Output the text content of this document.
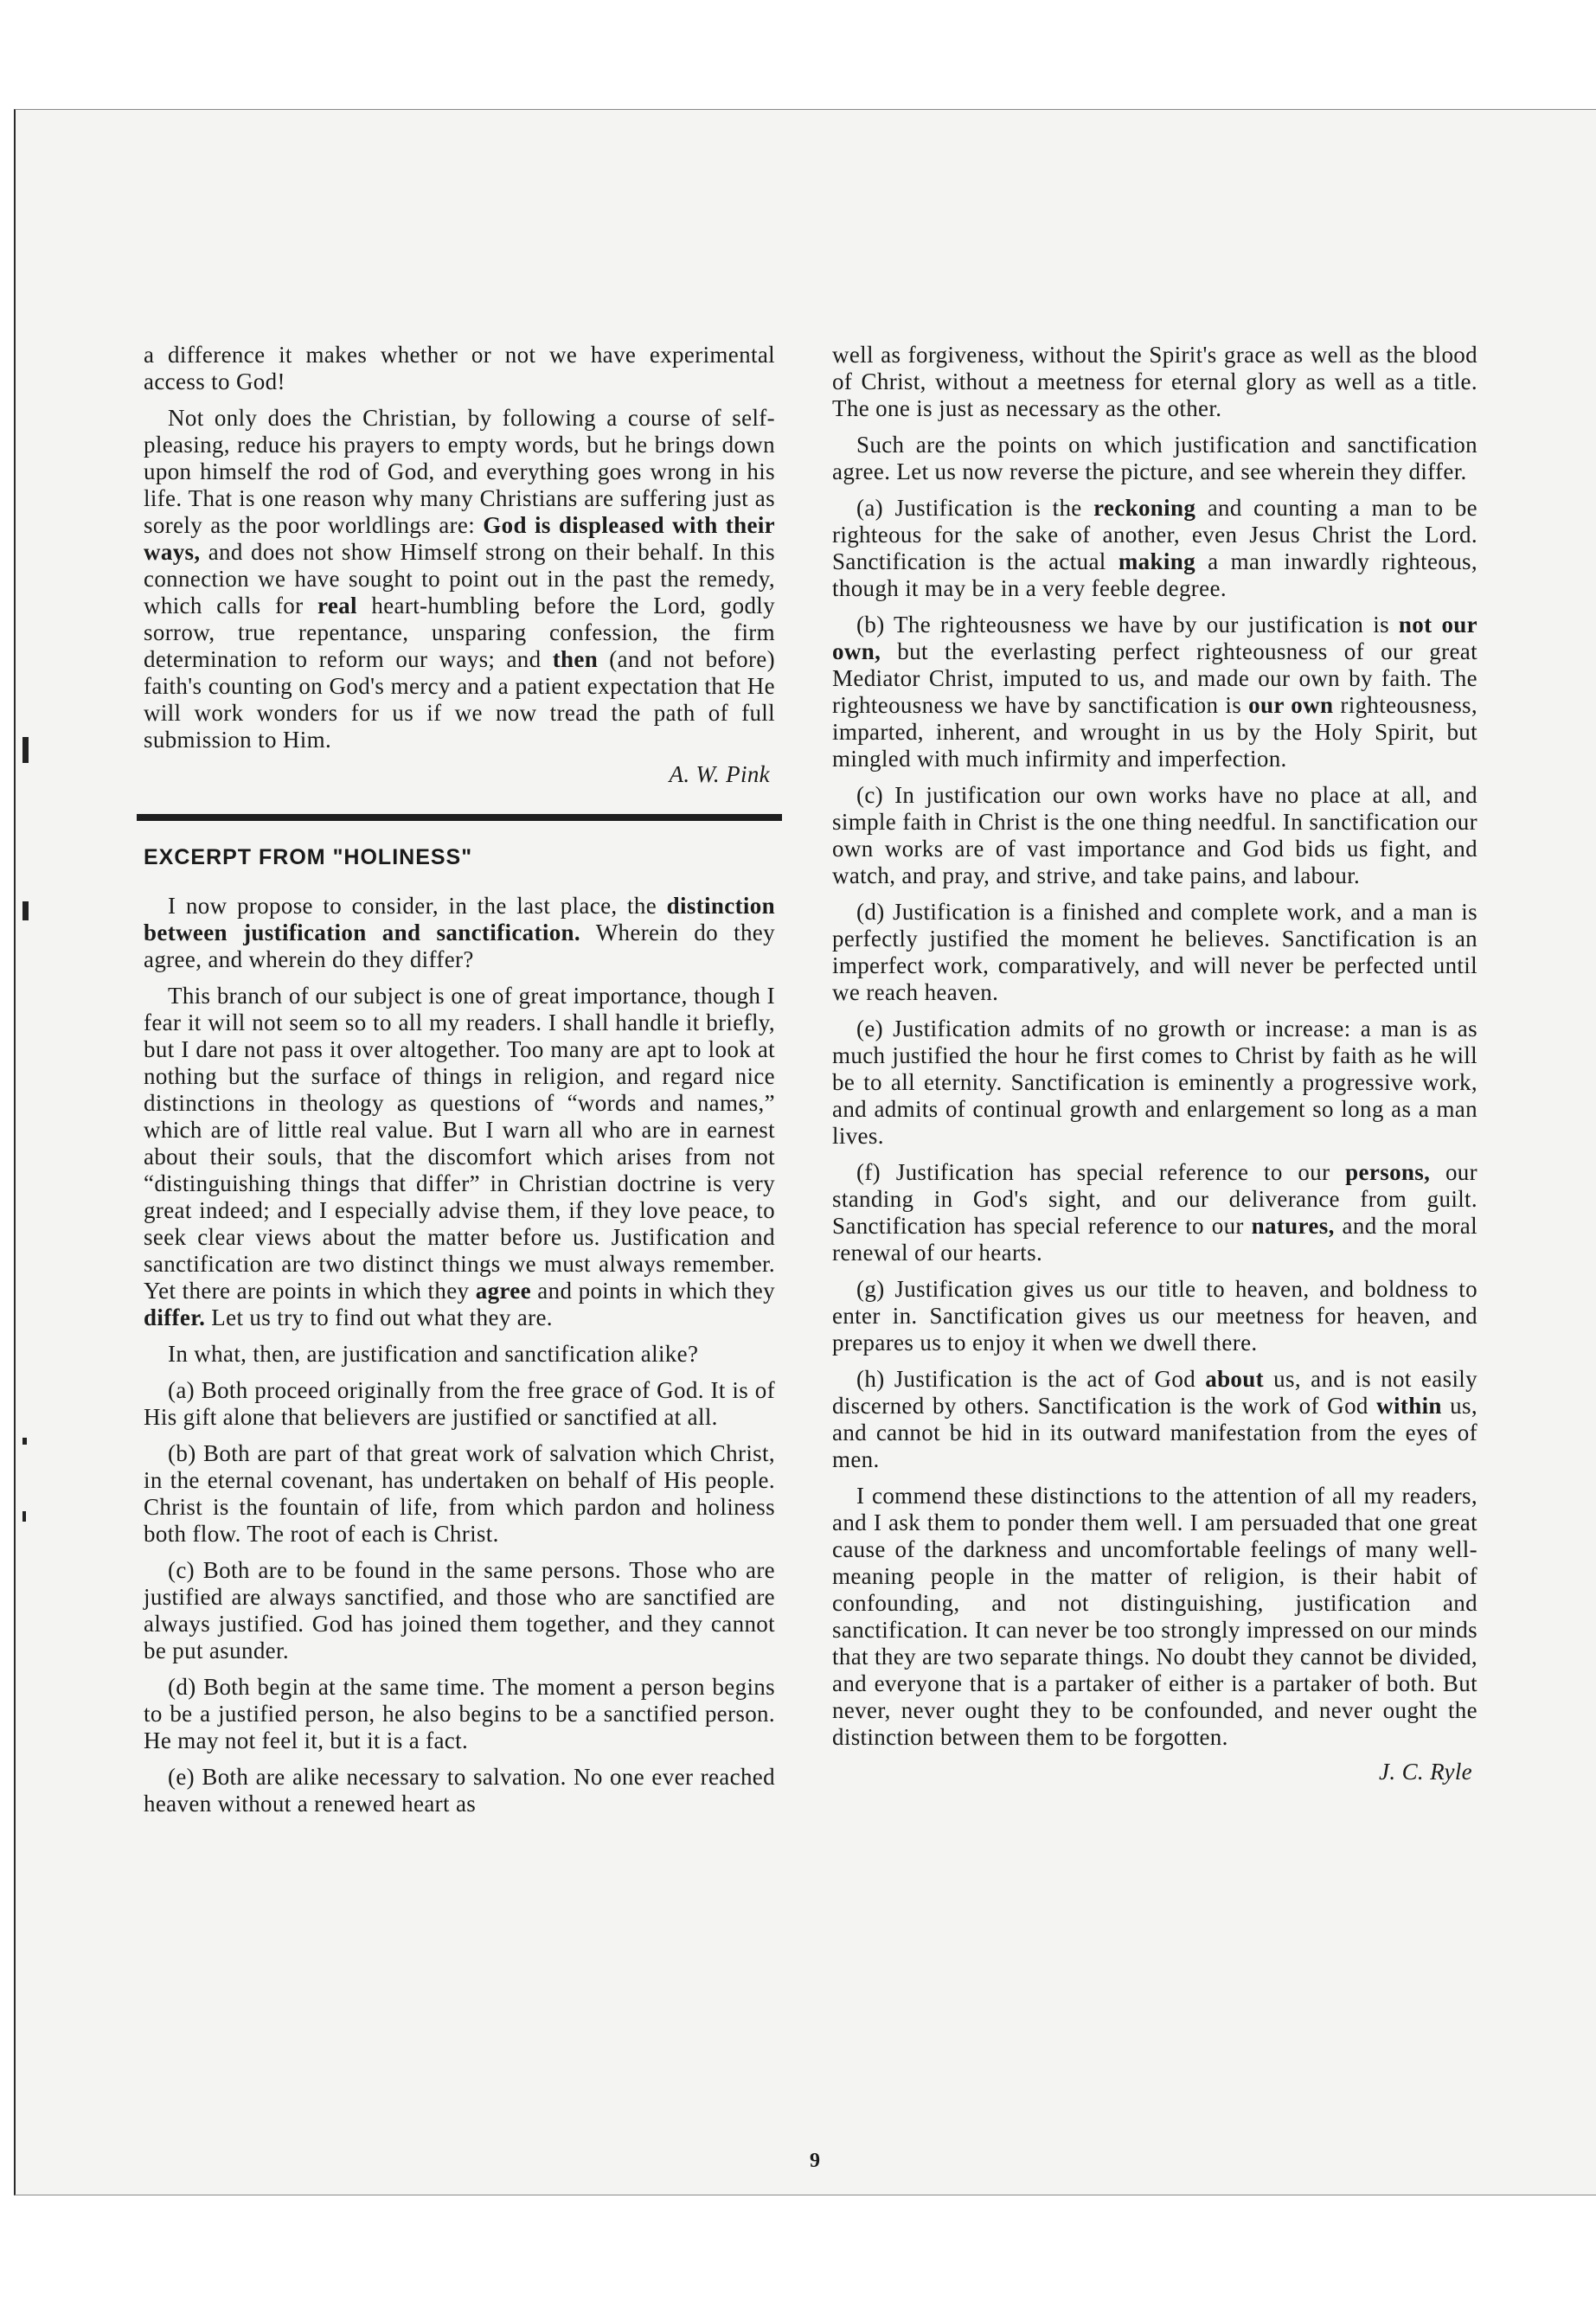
a difference it makes whether or not we have experimental access to God!

Not only does the Christian, by following a course of self-pleasing, reduce his prayers to empty words, but he brings down upon himself the rod of God, and everything goes wrong in his life. That is one reason why many Christians are suffering just as sorely as the poor worldlings are: God is displeased with their ways, and does not show Himself strong on their behalf. In this connection we have sought to point out in the past the remedy, which calls for real heart-humbling before the Lord, godly sorrow, true repentance, unsparing confession, the firm determination to reform our ways; and then (and not before) faith's counting on God's mercy and a patient expectation that He will work wonders for us if we now tread the path of full submission to Him.

A. W. Pink

EXCERPT FROM "HOLINESS"

I now propose to consider, in the last place, the distinction between justification and sanctification. Wherein do they agree, and wherein do they differ?

This branch of our subject is one of great importance, though I fear it will not seem so to all my readers. I shall handle it briefly, but I dare not pass it over altogether. Too many are apt to look at nothing but the surface of things in religion, and regard nice distinctions in theology as questions of “words and names,” which are of little real value. But I warn all who are in earnest about their souls, that the discomfort which arises from not “distinguishing things that differ” in Christian doctrine is very great indeed; and I especially advise them, if they love peace, to seek clear views about the matter before us. Justification and sanctification are two distinct things we must always remember. Yet there are points in which they agree and points in which they differ. Let us try to find out what they are.

In what, then, are justification and sanctification alike?

(a) Both proceed originally from the free grace of God. It is of His gift alone that believers are justified or sanctified at all.

(b) Both are part of that great work of salvation which Christ, in the eternal covenant, has undertaken on behalf of His people. Christ is the fountain of life, from which pardon and holiness both flow. The root of each is Christ.

(c) Both are to be found in the same persons. Those who are justified are always sanctified, and those who are sanctified are always justified. God has joined them together, and they cannot be put asunder.

(d) Both begin at the same time. The moment a person begins to be a justified person, he also begins to be a sanctified person. He may not feel it, but it is a fact.

(e) Both are alike necessary to salvation. No one ever reached heaven without a renewed heart as

well as forgiveness, without the Spirit's grace as well as the blood of Christ, without a meetness for eternal glory as well as a title. The one is just as necessary as the other.

Such are the points on which justification and sanctification agree. Let us now reverse the picture, and see wherein they differ.

(a) Justification is the reckoning and counting a man to be righteous for the sake of another, even Jesus Christ the Lord. Sanctification is the actual making a man inwardly righteous, though it may be in a very feeble degree.

(b) The righteousness we have by our justification is not our own, but the everlasting perfect righteousness of our great Mediator Christ, imputed to us, and made our own by faith. The righteousness we have by sanctification is our own righteousness, imparted, inherent, and wrought in us by the Holy Spirit, but mingled with much infirmity and imperfection.

(c) In justification our own works have no place at all, and simple faith in Christ is the one thing needful. In sanctification our own works are of vast importance and God bids us fight, and watch, and pray, and strive, and take pains, and labour.

(d) Justification is a finished and complete work, and a man is perfectly justified the moment he believes. Sanctification is an imperfect work, comparatively, and will never be perfected until we reach heaven.

(e) Justification admits of no growth or increase: a man is as much justified the hour he first comes to Christ by faith as he will be to all eternity. Sanctification is eminently a progressive work, and admits of continual growth and enlargement so long as a man lives.

(f) Justification has special reference to our persons, our standing in God's sight, and our deliverance from guilt. Sanctification has special reference to our natures, and the moral renewal of our hearts.

(g) Justification gives us our title to heaven, and boldness to enter in. Sanctification gives us our meetness for heaven, and prepares us to enjoy it when we dwell there.

(h) Justification is the act of God about us, and is not easily discerned by others. Sanctification is the work of God within us, and cannot be hid in its outward manifestation from the eyes of men.

I commend these distinctions to the attention of all my readers, and I ask them to ponder them well. I am persuaded that one great cause of the darkness and uncomfortable feelings of many well-meaning people in the matter of religion, is their habit of confounding, and not distinguishing, justification and sanctification. It can never be too strongly impressed on our minds that they are two separate things. No doubt they cannot be divided, and everyone that is a partaker of either is a partaker of both. But never, never ought they to be confounded, and never ought the distinction between them to be forgotten.

J. C. Ryle

9
